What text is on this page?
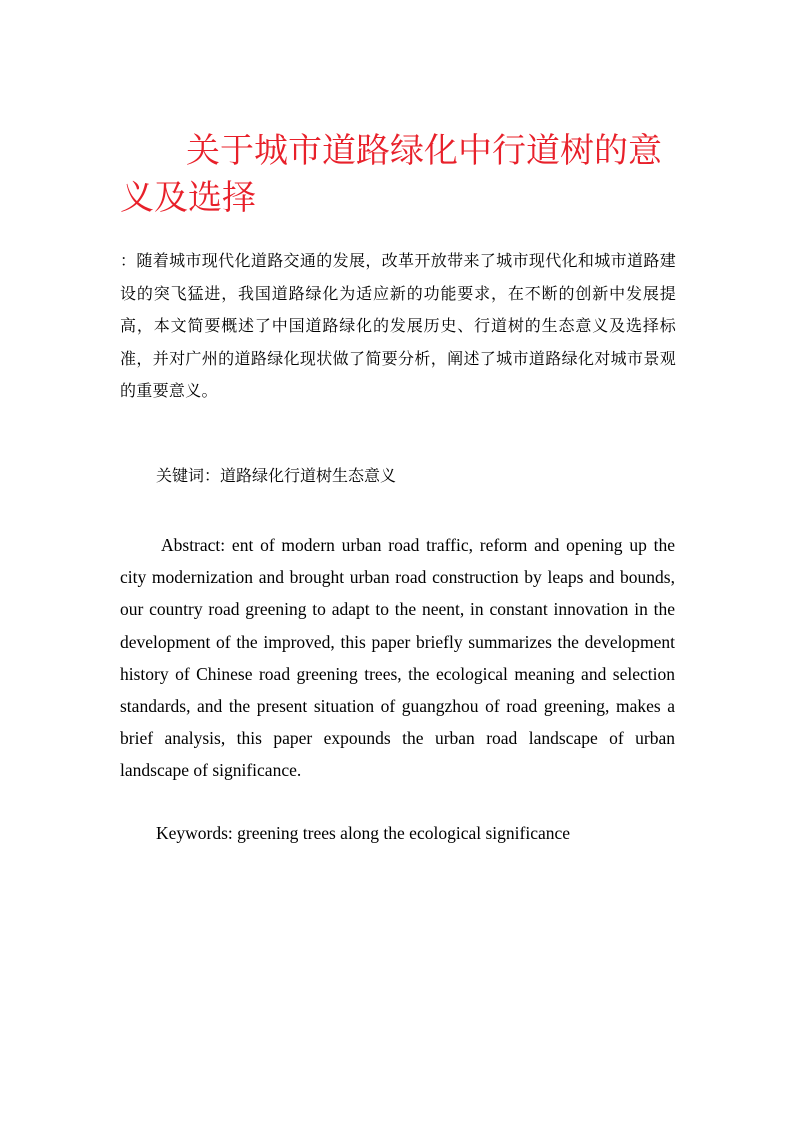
关于城市道路绿化中行道树的意义及选择

：随着城市现代化道路交通的发展，改革开放带来了城市现代化和城市道路建设的突飞猛进，我国道路绿化为适应新的功能要求，在不断的创新中发展提高，本文简要概述了中国道路绿化的发展历史、行道树的生态意义及选择标准，并对广州的道路绿化现状做了简要分析，阐述了城市道路绿化对城市景观的重要意义。

关键词：道路绿化行道树生态意义

Abstract: ent of modern urban road traffic, reform and opening up the city modernization and brought urban road construction by leaps and bounds, our country road greening to adapt to the neent, in constant innovation in the development of the improved, this paper briefly summarizes the development history of Chinese road greening trees, the ecological meaning and selection standards, and the present situation of guangzhou of road greening, makes a brief analysis, this paper expounds the urban road landscape of urban landscape of significance.

Keywords: greening trees along the ecological significance
